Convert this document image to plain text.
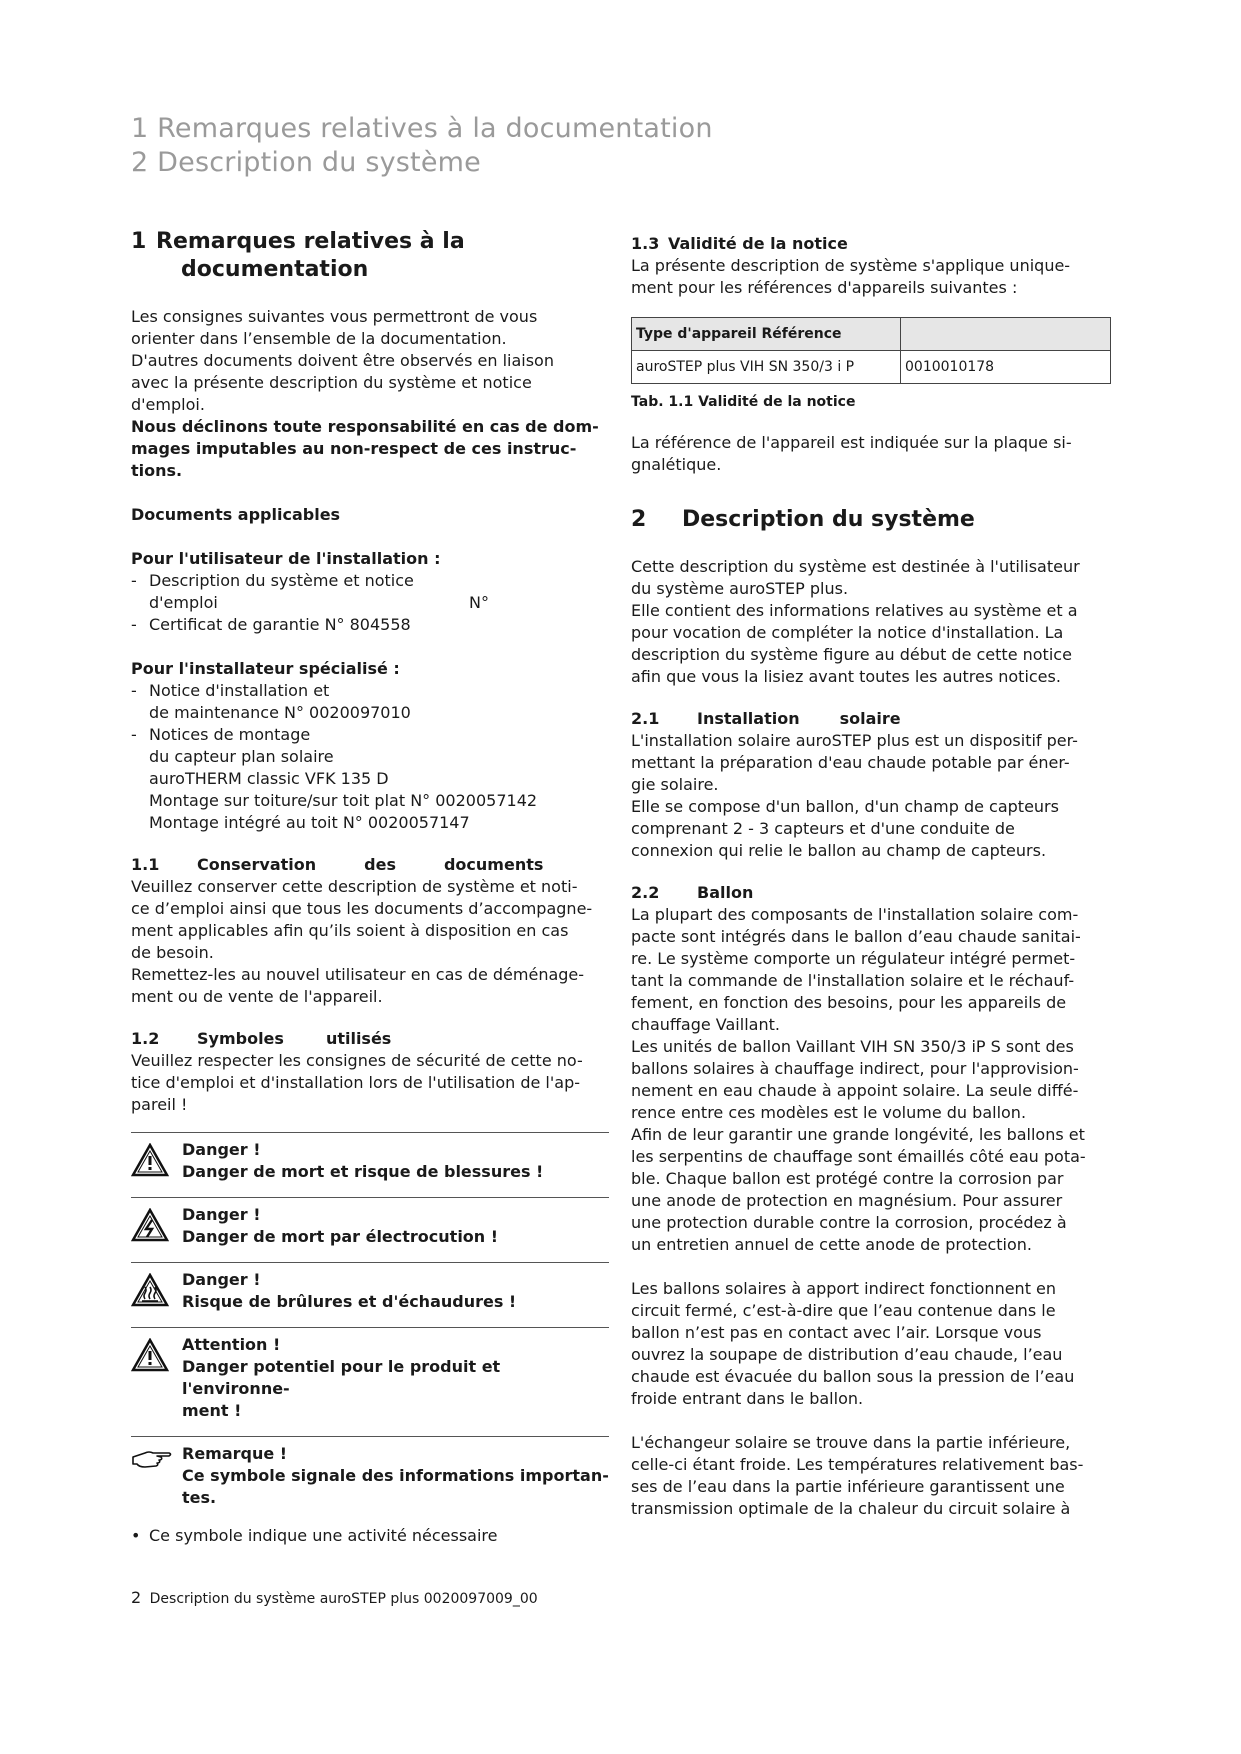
1 Remarques relatives à la documentation
2 Description du système
1 Remarques relatives à la
documentation
Les consignes suivantes vous permettront de vous
orienter dans l’ensemble de la documentation.
D'autres documents doivent être observés en liaison
avec la présente description du système et notice
d'emploi.
Nous déclinons toute responsabilité en cas de dom-
mages imputables au non-respect de ces instruc-
tions.
Documents applicables
Pour l'utilisateur de l'installation :
- Description du système et notice
d'emploi	N°
- Certificat de garantie N° 804558
Pour l'installateur spécialisé :
- Notice d'installation et
de maintenance N° 0020097010
- Notices de montage
du capteur plan solaire
auroTHERM classic VFK 135 D
Montage sur toiture/sur toit plat N° 0020057142
Montage intégré au toit N° 0020057147
1.1	Conservation	des	documents
Veuillez conserver cette description de système et noti-
ce d’emploi ainsi que tous les documents d’accompagne-
ment applicables afin qu’ils soient à disposition en cas
de besoin.
Remettez-les au nouvel utilisateur en cas de déménage-
ment ou de vente de l'appareil.
1.2	Symboles	utilisés
Veuillez respecter les consignes de sécurité de cette no-
tice d'emploi et d'installation lors de l'utilisation de l'ap-
pareil !
Danger !
Danger de mort et risque de blessures !
Danger !
Danger de mort par électrocution !
Danger !
Risque de brûlures et d'échaudures !
Attention !
Danger potentiel pour le produit et l'environne-
ment !
Remarque !
Ce symbole signale des informations importan-
tes.
• Ce symbole indique une activité nécessaire
1.3 Validité de la notice
La présente description de système s'applique unique-
ment pour les références d'appareils suivantes :
Type d'appareil Référence	
auroSTEP plus VIH SN 350/3 i P	0010010178
Tab. 1.1 Validité de la notice
La référence de l'appareil est indiquée sur la plaque si-
gnalétique.
2	Description du système
Cette description du système est destinée à l'utilisateur
du système auroSTEP plus.
Elle contient des informations relatives au système et a
pour vocation de compléter la notice d'installation. La
description du système figure au début de cette notice
afin que vous la lisiez avant toutes les autres notices.
2.1	Installation	solaire
L'installation solaire auroSTEP plus est un dispositif per-
mettant la préparation d'eau chaude potable par éner-
gie solaire.
Elle se compose d'un ballon, d'un champ de capteurs
comprenant 2 - 3 capteurs et d'une conduite de
connexion qui relie le ballon au champ de capteurs.
2.2	Ballon
La plupart des composants de l'installation solaire com-
pacte sont intégrés dans le ballon d’eau chaude sanitai-
re. Le système comporte un régulateur intégré permet-
tant la commande de l'installation solaire et le réchauf-
fement, en fonction des besoins, pour les appareils de
chauffage Vaillant.
Les unités de ballon Vaillant VIH SN 350/3 iP S sont des
ballons solaires à chauffage indirect, pour l'approvision-
nement en eau chaude à appoint solaire. La seule diffé-
rence entre ces modèles est le volume du ballon.
Afin de leur garantir une grande longévité, les ballons et
les serpentins de chauffage sont émaillés côté eau pota-
ble. Chaque ballon est protégé contre la corrosion par
une anode de protection en magnésium. Pour assurer
une protection durable contre la corrosion, procédez à
un entretien annuel de cette anode de protection.
Les ballons solaires à apport indirect fonctionnent en
circuit fermé, c’est-à-dire que l’eau contenue dans le
ballon n’est pas en contact avec l’air. Lorsque vous
ouvrez la soupape de distribution d’eau chaude, l’eau
chaude est évacuée du ballon sous la pression de l’eau
froide entrant dans le ballon.
L'échangeur solaire se trouve dans la partie inférieure,
celle-ci étant froide. Les températures relativement bas-
ses de l’eau dans la partie inférieure garantissent une
transmission optimale de la chaleur du circuit solaire à
2 Description du système auroSTEP plus 0020097009_00
